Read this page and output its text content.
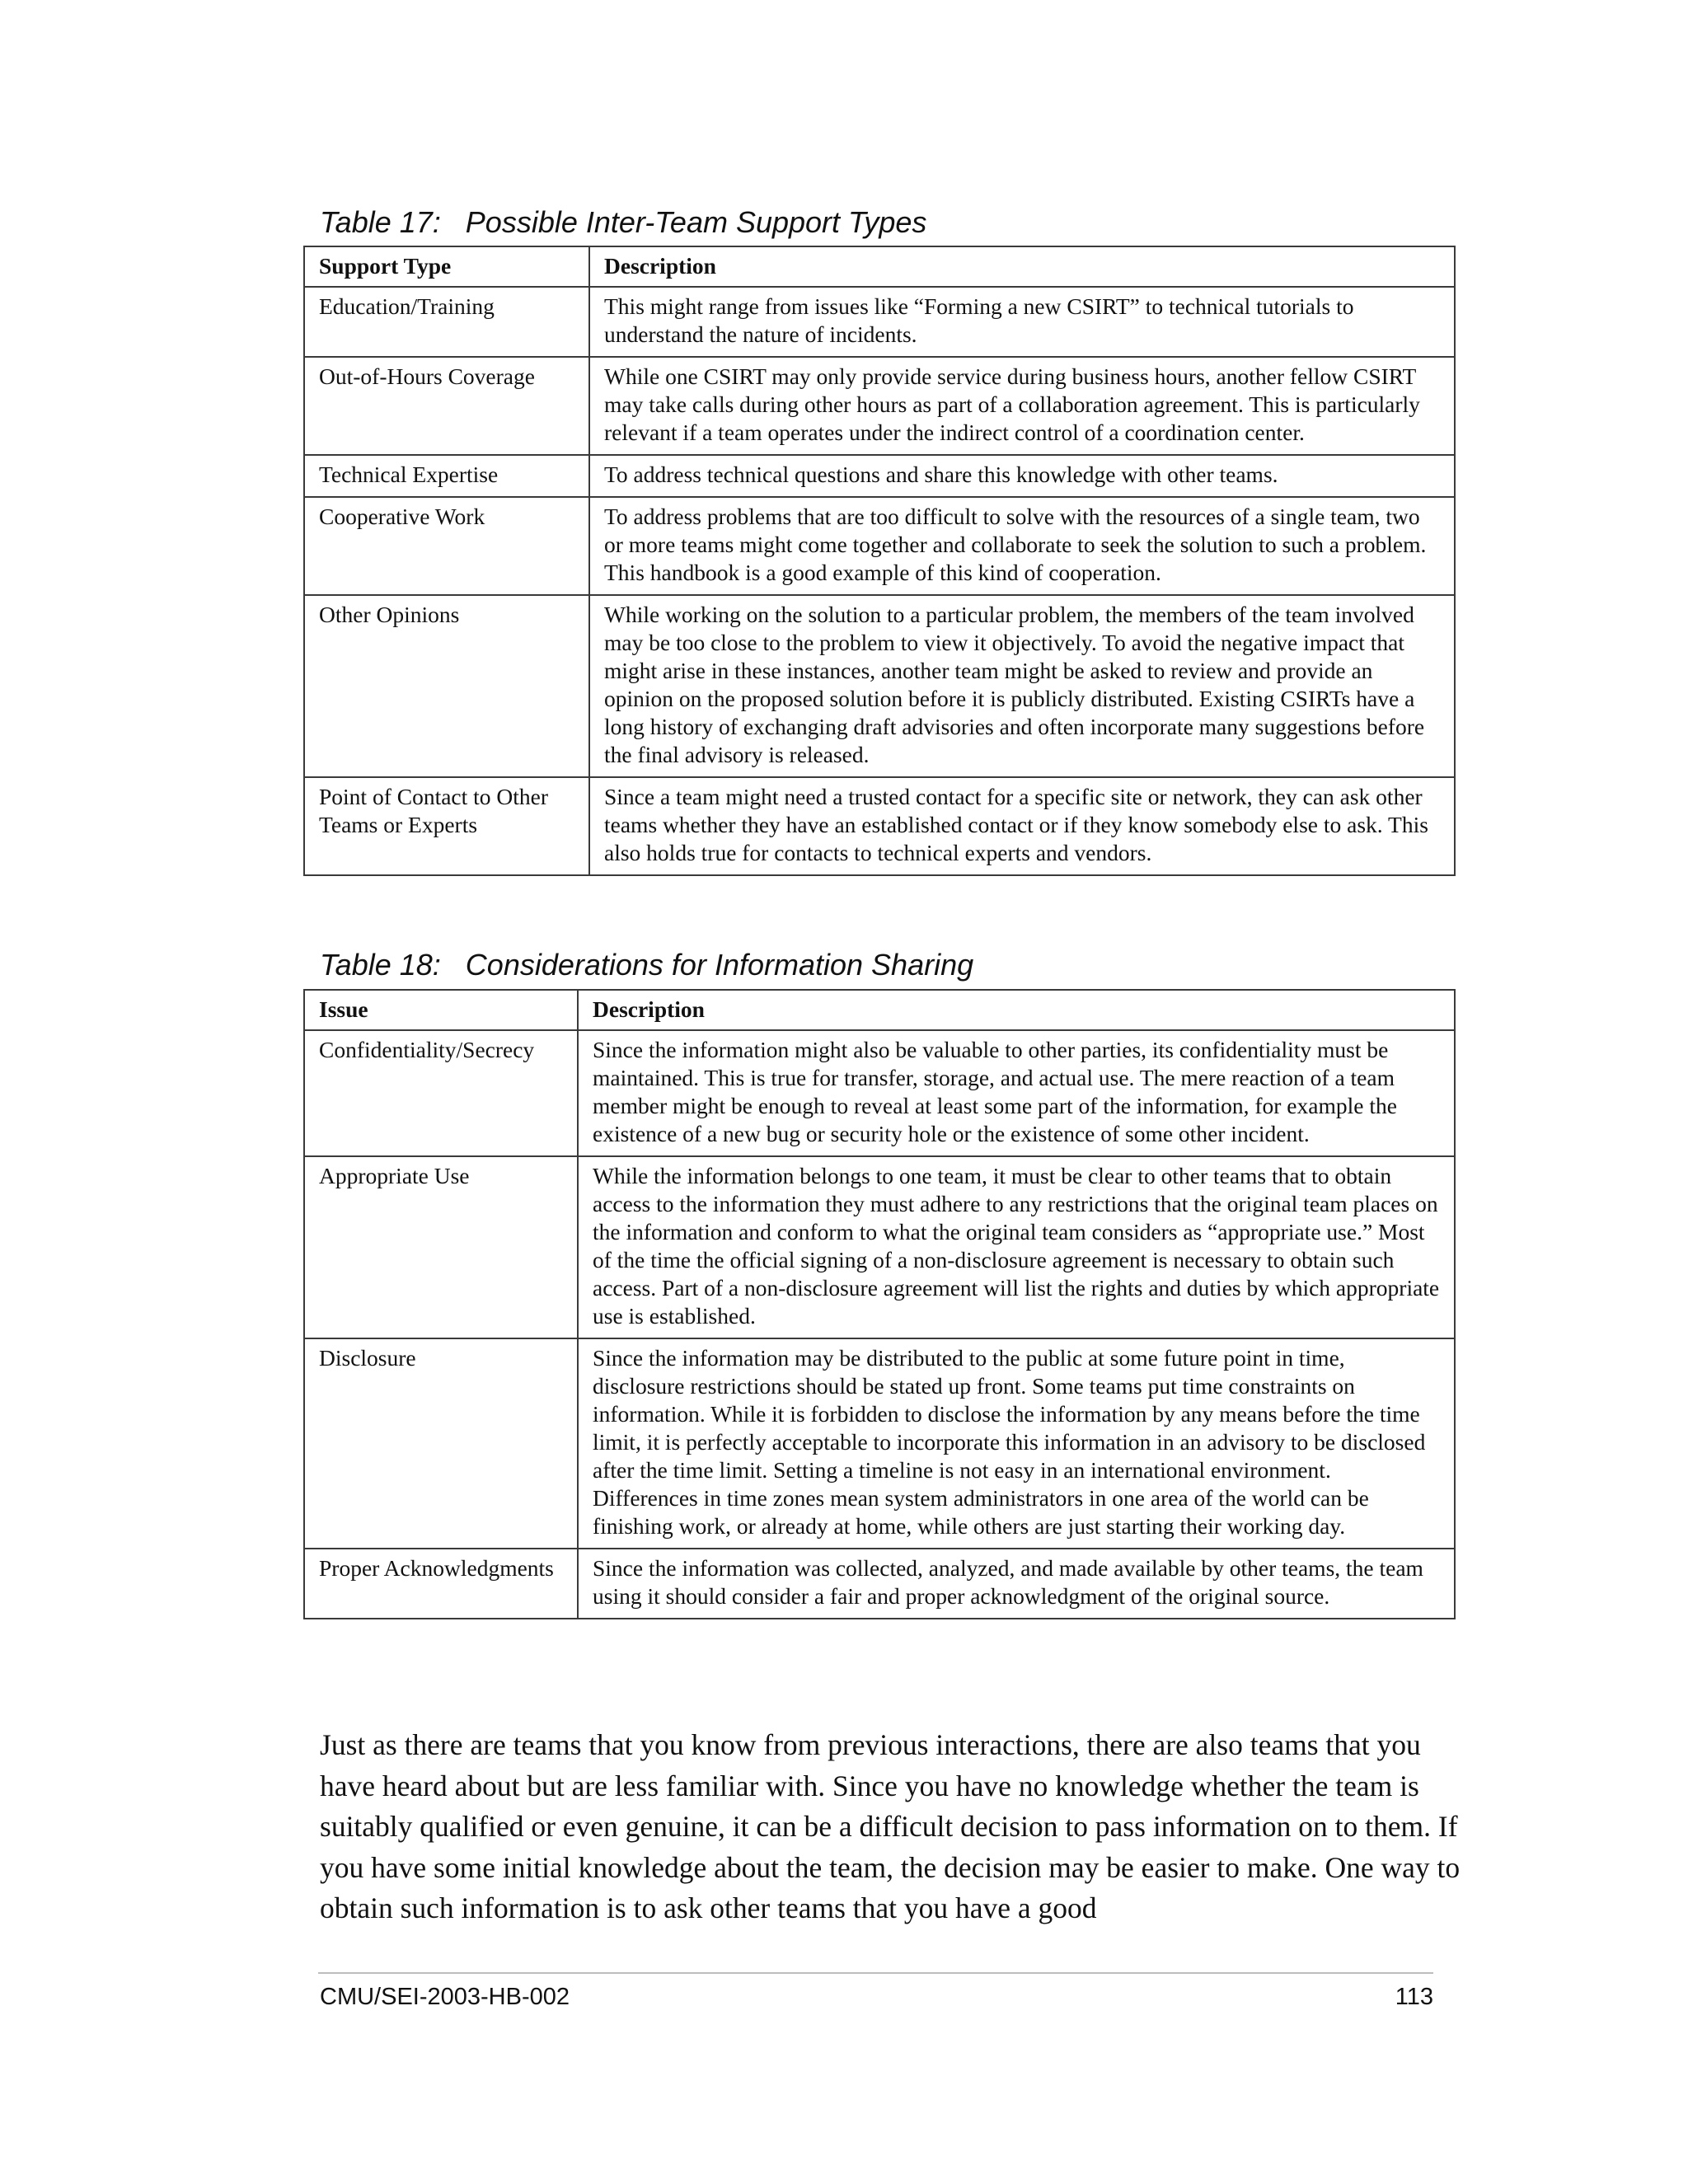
Table 17: Possible Inter-Team Support Types

Support Type	Description
Education/Training	This might range from issues like “Forming a new CSIRT” to technical tutorials to understand the nature of incidents.
Out-of-Hours Coverage	While one CSIRT may only provide service during business hours, another fellow CSIRT may take calls during other hours as part of a collaboration agreement. This is particularly relevant if a team operates under the indirect control of a coordination center.
Technical Expertise	To address technical questions and share this knowledge with other teams.
Cooperative Work	To address problems that are too difficult to solve with the resources of a single team, two or more teams might come together and collaborate to seek the solution to such a problem. This handbook is a good example of this kind of cooperation.
Other Opinions	While working on the solution to a particular problem, the members of the team involved may be too close to the problem to view it objectively. To avoid the negative impact that might arise in these instances, another team might be asked to review and provide an opinion on the proposed solution before it is publicly distributed. Existing CSIRTs have a long history of exchanging draft advisories and often incorporate many suggestions before the final advisory is released.
Point of Contact to Other Teams or Experts	Since a team might need a trusted contact for a specific site or network, they can ask other teams whether they have an established contact or if they know somebody else to ask. This also holds true for contacts to technical experts and vendors.

Table 18: Considerations for Information Sharing

Issue	Description
Confidentiality/Secrecy	Since the information might also be valuable to other parties, its confidentiality must be maintained. This is true for transfer, storage, and actual use. The mere reaction of a team member might be enough to reveal at least some part of the information, for example the existence of a new bug or security hole or the existence of some other incident.
Appropriate Use	While the information belongs to one team, it must be clear to other teams that to obtain access to the information they must adhere to any restrictions that the original team places on the information and conform to what the original team considers as “appropriate use.” Most of the time the official signing of a non-disclosure agreement is necessary to obtain such access. Part of a non-disclosure agreement will list the rights and duties by which appropriate use is established.
Disclosure	Since the information may be distributed to the public at some future point in time, disclosure restrictions should be stated up front. Some teams put time constraints on information. While it is forbidden to disclose the information by any means before the time limit, it is perfectly acceptable to incorporate this information in an advisory to be disclosed after the time limit. Setting a timeline is not easy in an international environment. Differences in time zones mean system administrators in one area of the world can be finishing work, or already at home, while others are just starting their working day.
Proper Acknowledgments	Since the information was collected, analyzed, and made available by other teams, the team using it should consider a fair and proper acknowledgment of the original source.

Just as there are teams that you know from previous interactions, there are also teams that you have heard about but are less familiar with. Since you have no knowledge whether the team is suitably qualified or even genuine, it can be a difficult decision to pass information on to them. If you have some initial knowledge about the team, the decision may be easier to make. One way to obtain such information is to ask other teams that you have a good

CMU/SEI-2003-HB-002	113
